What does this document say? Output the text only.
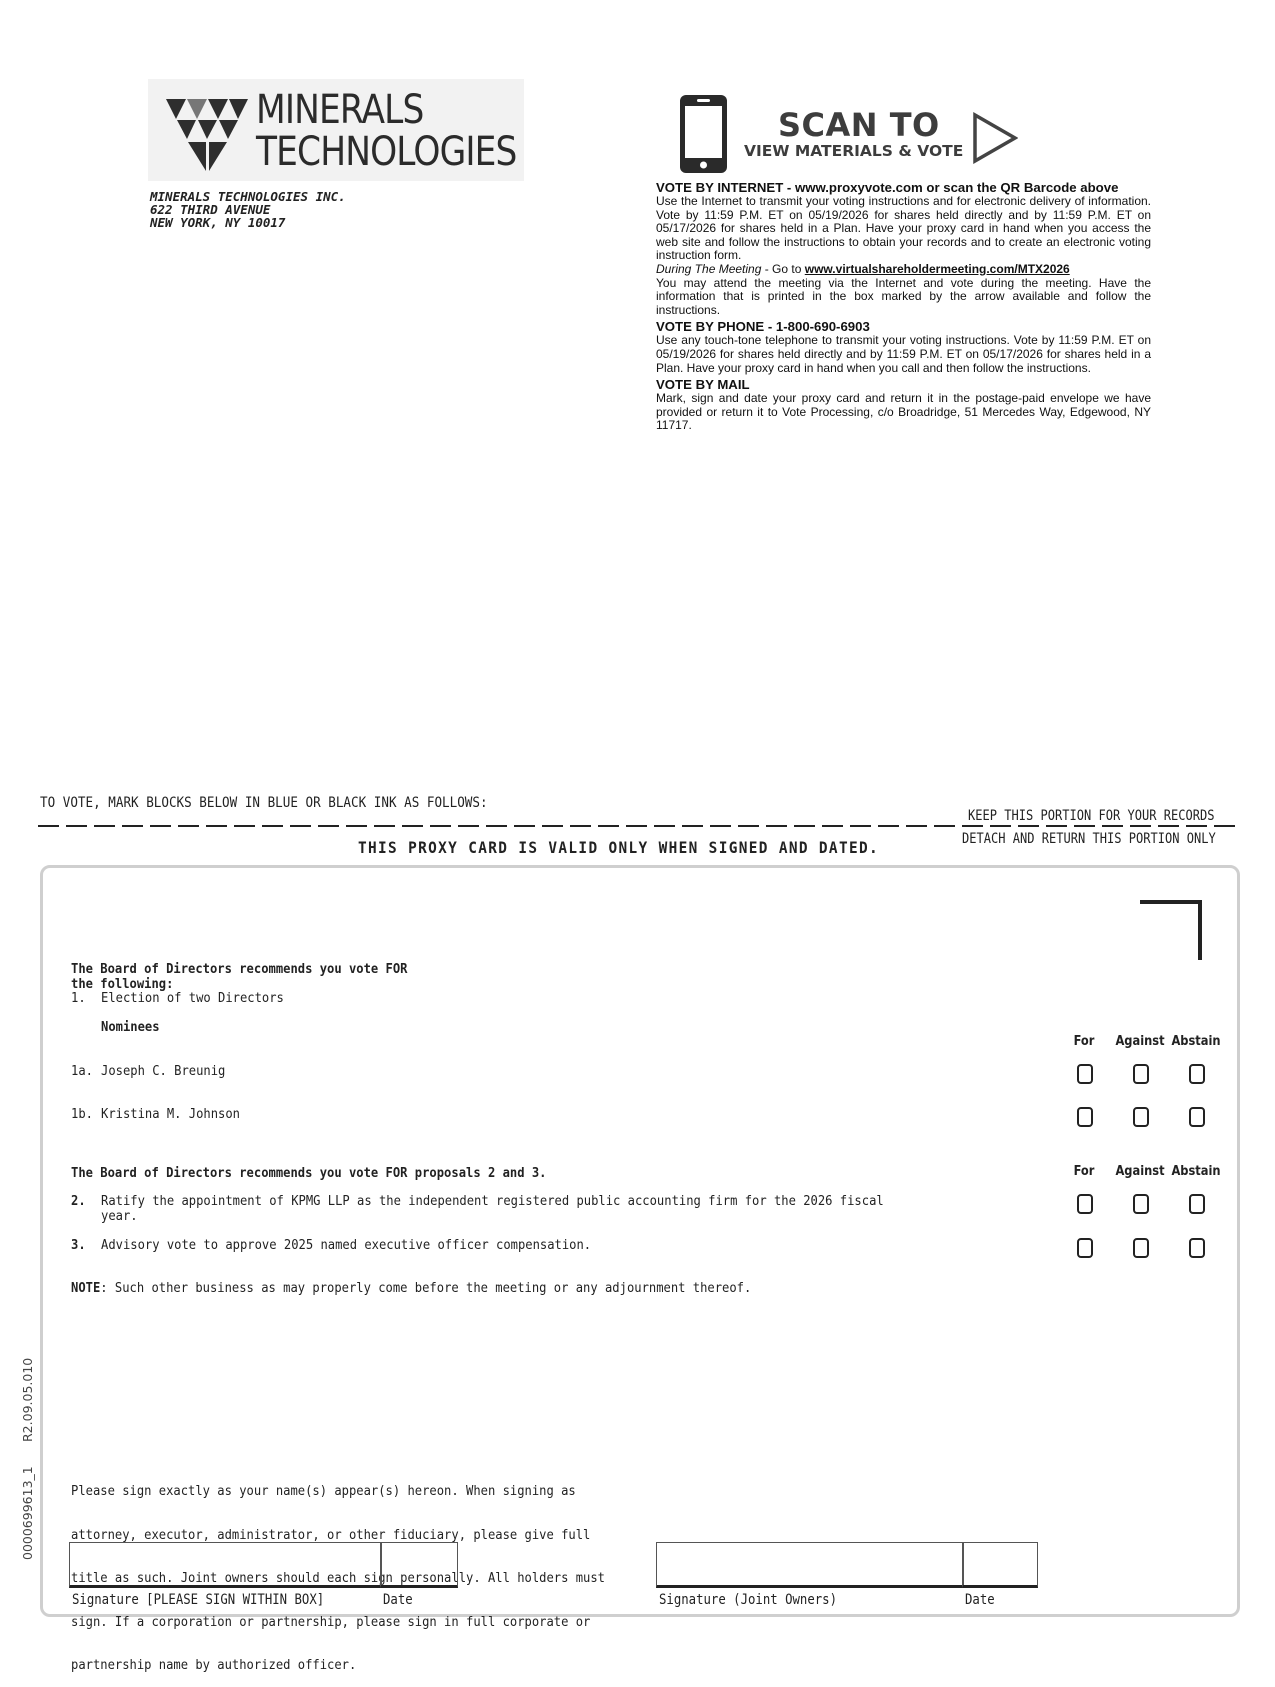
MINERALS
TECHNOLOGIES
MINERALS TECHNOLOGIES INC.
622 THIRD AVENUE
NEW YORK, NY 10017
SCAN TO
VIEW MATERIALS & VOTE
VOTE BY INTERNET - www.proxyvote.com or scan the QR Barcode above

Use the Internet to transmit your voting instructions and for electronic delivery of information. Vote by 11:59 P.M. ET on 05/19/2026 for shares held directly and by 11:59 P.M. ET on 05/17/2026 for shares held in a Plan. Have your proxy card in hand when you access the web site and follow the instructions to obtain your records and to create an electronic voting instruction form.

During The Meeting - Go to www.virtualshareholdermeeting.com/MTX2026

You may attend the meeting via the Internet and vote during the meeting. Have the information that is printed in the box marked by the arrow available and follow the instructions.

VOTE BY PHONE - 1-800-690-6903

Use any touch-tone telephone to transmit your voting instructions. Vote by 11:59 P.M. ET on 05/19/2026 for shares held directly and by 11:59 P.M. ET on 05/17/2026 for shares held in a Plan. Have your proxy card in hand when you call and then follow the instructions.

VOTE BY MAIL

Mark, sign and date your proxy card and return it in the postage-paid envelope we have provided or return it to Vote Processing, c/o Broadridge, 51 Mercedes Way, Edgewood, NY 11717.

TO VOTE, MARK BLOCKS BELOW IN BLUE OR BLACK INK AS FOLLOWS:
KEEP THIS PORTION FOR YOUR RECORDS
DETACH AND RETURN THIS PORTION ONLY
THIS PROXY CARD IS VALID ONLY WHEN SIGNED AND DATED.
The Board of Directors recommends you vote FOR
the following:
1. Election of two Directors
Nominees
For	Against Abstain
1a. Joseph C. Breunig
1b. Kristina M. Johnson
The Board of Directors recommends you vote FOR proposals 2 and 3.	For	Against Abstain
2. Ratify the appointment of KPMG LLP as the independent registered public accounting firm for the 2026 fiscal
year.
3. Advisory vote to approve 2025 named executive officer compensation.
NOTE: Such other business as may properly come before the meeting or any adjournment thereof.

Please sign exactly as your name(s) appear(s) hereon. When signing as

attorney, executor, administrator, or other fiduciary, please give full

title as such. Joint owners should each sign personally. All holders must

sign. If a corporation or partnership, please sign in full corporate or

partnership name by authorized officer.

Signature [PLEASE SIGN WITHIN BOX]	Date	Signature (Joint Owners)	Date
0000699613_1
R2.09.05.010
